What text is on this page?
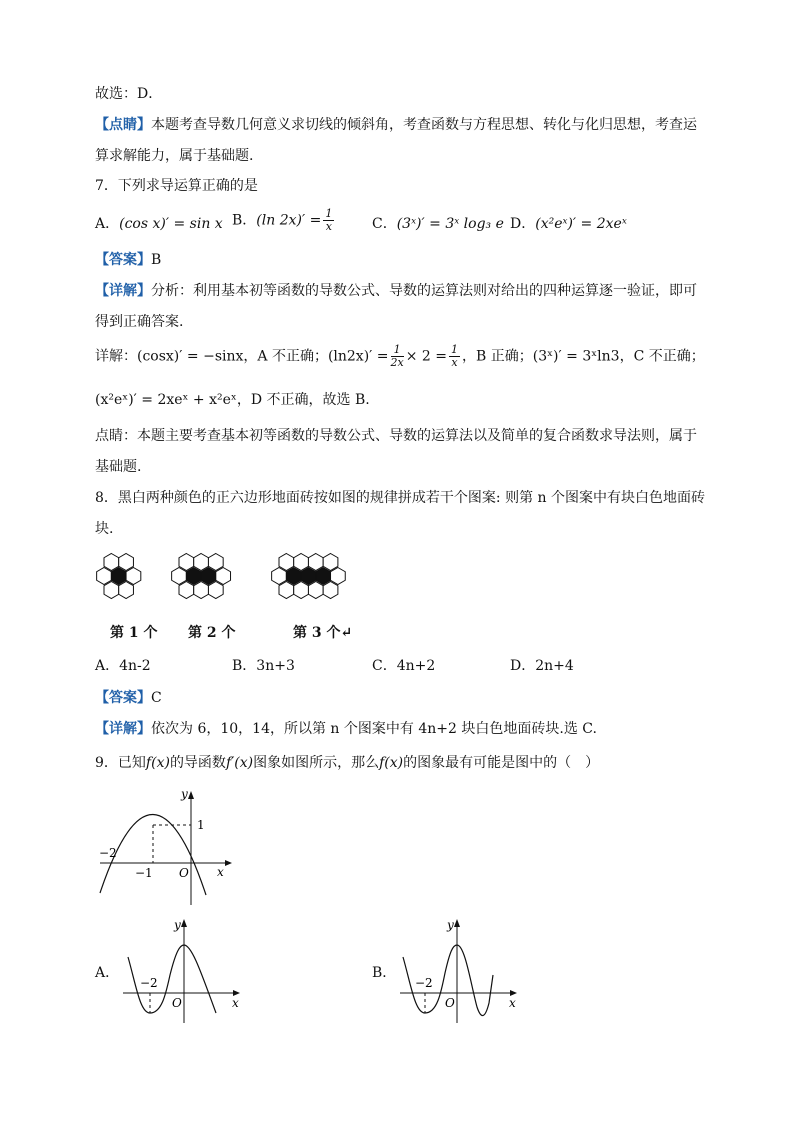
故选：D．
【点睛】本题考查导数几何意义求切线的倾斜角，考查函数与方程思想、转化与化归思想，考查运
算求解能力，属于基础题.
7．下列求导运算正确的是
A．(cos x)′ = sin x B．(ln $2x)' = \frac{1}{x}$	C．(3ˣ)′ = 3ˣ log₃ e D．(x²eˣ)′ = 2xeˣ
【答案】B
【详解】分析：利用基本初等函数的导数公式、导数的运算法则对给出的四种运算逐一验证，即可
得到正确答案.
详解：(cosx)′ = −sinx，A 不正确；$(\ln 2x)' = \frac{1}{2x} \times 2 = \frac{1}{x}$ ，B 正确；(3ˣ)′ = 3ˣln3，C 不正确；
(x²eˣ)′ = 2xeˣ + x²eˣ，D 不正确，故选 B.
点睛：本题主要考查基本初等函数的导数公式、导数的运算法以及简单的复合函数求导法则，属于
基础题.
8．黑白两种颜色的正六边形地面砖按如图的规律拼成若干个图案: 则第 n 个图案中有块白色地面砖
块.
第 1 个 第 2 个	第 3 个↵
A．4n-2	B．3n+3	C．4n+2	D．2n+4
【答案】C
【详解】依次为 6，10，14，所以第 n 个图案中有 4n+2 块白色地面砖块.选 C.
9．已知f(x)的导函数f′(x)图象如图所示，那么f(x)的图象最有可能是图中的（　）
y
x
O
1
−1
−2
A．
y
x
O
−2
B．
y
x
O
−2
